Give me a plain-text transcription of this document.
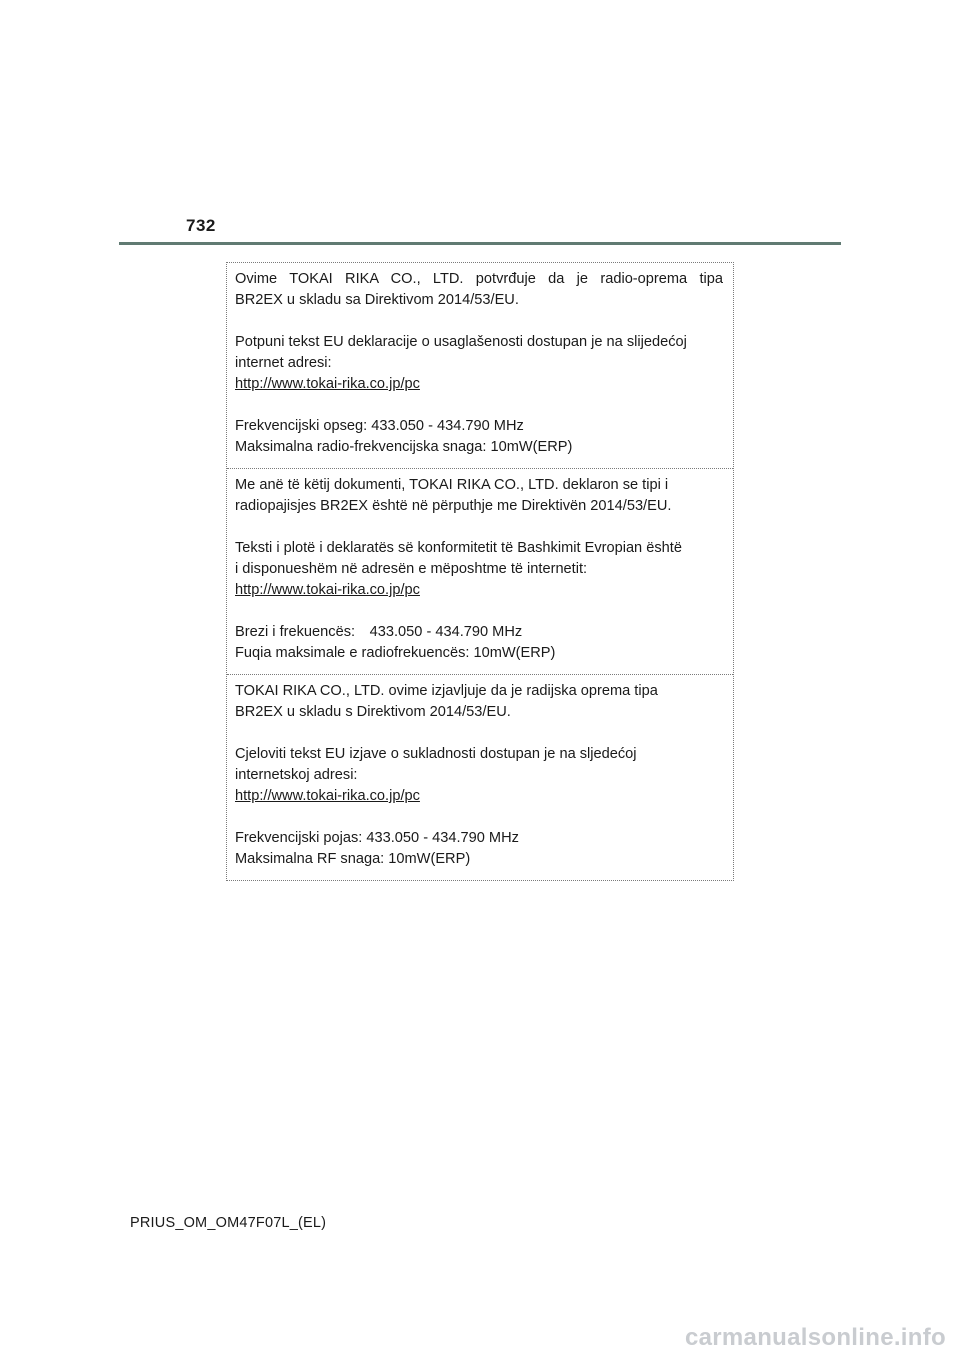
732

Ovime TOKAI RIKA CO., LTD. potvrđuje da je radio-oprema tipa
BR2EX u skladu sa Direktivom 2014/53/EU.

Potpuni tekst EU deklaracije o usaglašenosti dostupan je na slijedećoj
internet adresi:
http://www.tokai-rika.co.jp/pc

Frekvencijski opseg: 433.050 - 434.790 MHz
Maksimalna radio-frekvencijska snaga: 10mW(ERP)

Me anë të këtij dokumenti, TOKAI RIKA CO., LTD. deklaron se tipi i
radiopajisjes BR2EX është në përputhje me Direktivën 2014/53/EU.

Teksti i plotë i deklaratës së konformitetit të Bashkimit Evropian është
i disponueshëm në adresën e mëposhtme të internetit:
http://www.tokai-rika.co.jp/pc

Brezi i frekuencës: 433.050 - 434.790 MHz
Fuqia maksimale e radiofrekuencës: 10mW(ERP)

TOKAI RIKA CO., LTD. ovime izjavljuje da je radijska oprema tipa
BR2EX u skladu s Direktivom 2014/53/EU.

Cjeloviti tekst EU izjave o sukladnosti dostupan je na sljedećoj
internetskoj adresi:
http://www.tokai-rika.co.jp/pc

Frekvencijski pojas: 433.050 - 434.790 MHz
Maksimalna RF snaga: 10mW(ERP)

PRIUS_OM_OM47F07L_(EL)
carmanualsonline.info
